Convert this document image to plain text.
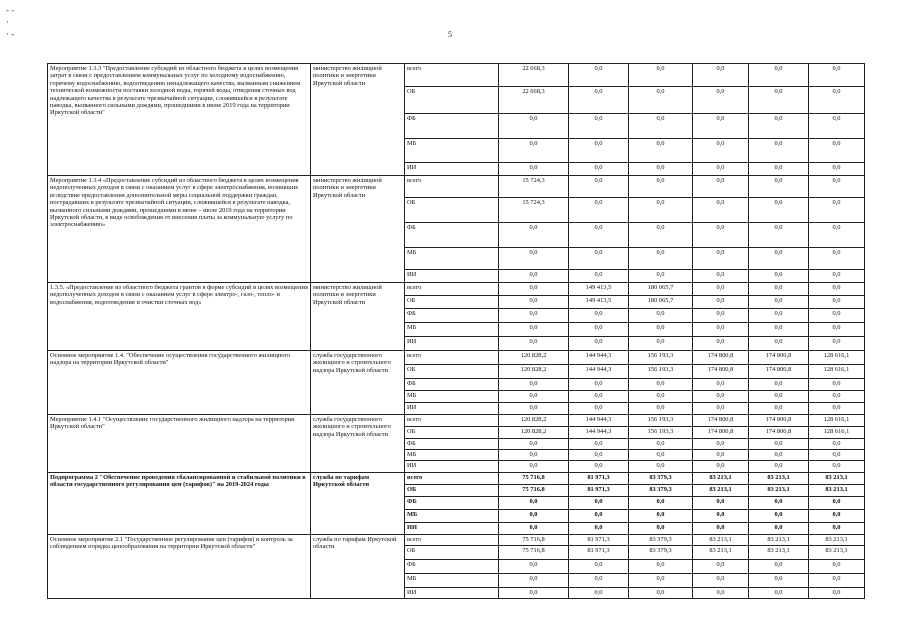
5
- -
·
· -
Мероприятие 1.3.3 "Предоставление субсидий из областного бюджета в целях возмещения затрат в связи с предоставлением коммунальных услуг по холодному водоснабжению, горячему водоснабжению, водоотведению ненадлежащего качества, вызванным снижением технической возможности поставки холодной воды, горячей воды, отведения сточных вод надлежащего качества в результате чрезвычайной ситуации, сложившейся в результате паводка, вызванного сильными дождями, прошедшими в июне 2019 года на территории Иркутской области"	министерство жилищной политики и энергетики Иркутской области	всего	22 668,3	0,0	0,0	0,0	0,0	0,0
		ОБ	22 668,3	0,0	0,0	0,0	0,0	0,0
		ФБ	0,0	0,0	0,0	0,0	0,0	0,0
		МБ	0,0	0,0	0,0	0,0	0,0	0,0
		ИИ	0,0	0,0	0,0	0,0	0,0	0,0
Мероприятие 1.3.4 «Предоставление субсидий из областного бюджета в целях возмещения недополученных доходов в связи с оказанием услуг в сфере электроснабжения, возникших вследствие предоставления дополнительной меры социальной поддержки граждан, пострадавших в результате чрезвычайной ситуации, сложившейся в результате паводка, вызванного сильными дождями, прошедшими в июне – июле 2019 года на территории Иркутской области, в виде освобождения от внесения платы за коммунальную услугу по электроснабжению»	министерство жилищной политики и энергетики Иркутской области	всего	15 724,3	0,0	0,0	0,0	0,0	0,0
		ОБ	15 724,3	0,0	0,0	0,0	0,0	0,0
		ФБ	0,0	0,0	0,0	0,0	0,0	0,0
		МБ	0,0	0,0	0,0	0,0	0,0	0,0
		ИИ	0,0	0,0	0,0	0,0	0,0	0,0
1.3.5. «Предоставление из областного бюджета грантов в форме субсидий в целях возмещения недополученных доходов в связи с оказанием услуг в сфере электро-, газо-, тепло- и водоснабжения, водоотведения и очистки сточных вод»	министерство жилищной политики и энергетики Иркутской области	всего	0,0	149 413,5	180 065,7	0,0	0,0	0,0
		ОБ	0,0	149 413,5	180 065,7	0,0	0,0	0,0
		ФБ	0,0	0,0	0,0	0,0	0,0	0,0
		МБ	0,0	0,0	0,0	0,0	0,0	0,0
		ИИ	0,0	0,0	0,0	0,0	0,0	0,0
Основное мероприятие 1.4. "Обеспечение осуществления государственного жилищного надзора на территории Иркутской области"	служба государственного жилищного и строительного надзора Иркутской области	всего	120 828,2	144 944,3	156 193,3	174 800,8	174 800,8	128 616,1
		ОБ	120 828,2	144 944,3	156 193,3	174 800,8	174 800,8	128 616,1
		ФБ	0,0	0,0	0,0	0,0	0,0	0,0
		МБ	0,0	0,0	0,0	0,0	0,0	0,0
		ИИ	0,0	0,0	0,0	0,0	0,0	0,0
Мероприятие 1.4.1 "Осуществление государственного жилищного надзора на территории Иркутской области"	служба государственного жилищного и строительного надзора Иркутской области	всего	120 828,2	144 944,3	156 193,3	174 800,8	174 800,8	128 616,1
		ОБ	120 828,2	144 944,3	156 193,3	174 800,8	174 800,8	128 616,1
		ФБ	0,0	0,0	0,0	0,0	0,0	0,0
		МБ	0,0	0,0	0,0	0,0	0,0	0,0
		ИИ	0,0	0,0	0,0	0,0	0,0	0,0
Подпрограмма 2 "Обеспечение проведения сбалансированной и стабильной политики в области государственного регулирования цен (тарифов)" на 2019-2024 годы	служба по тарифам Иркутской области	всего	75 716,8	81 971,3	83 379,3	83 213,1	83 213,1	83 213,1
		ОБ	75 716,8	81 971,3	83 379,3	83 213,1	83 213,1	83 213,1
		ФБ	0,0	0,0	0,0	0,0	0,0	0,0
		МБ	0,0	0,0	0,0	0,0	0,0	0,0
		ИИ	0,0	0,0	0,0	0,0	0,0	0,0
Основное мероприятие 2.1 "Государственное регулирование цен (тарифов) и контроль за соблюдением порядка ценообразования на территории Иркутской области"	служба по тарифам Иркутской области	всего	75 716,8	81 971,3	83 379,3	83 213,1	83 213,1	83 213,1
		ОБ	75 716,8	81 971,3	83 379,3	83 213,1	83 213,1	83 213,1
		ФБ	0,0	0,0	0,0	0,0	0,0	0,0
		МБ	0,0	0,0	0,0	0,0	0,0	0,0
		ИИ	0,0	0,0	0,0	0,0	0,0	0,0
